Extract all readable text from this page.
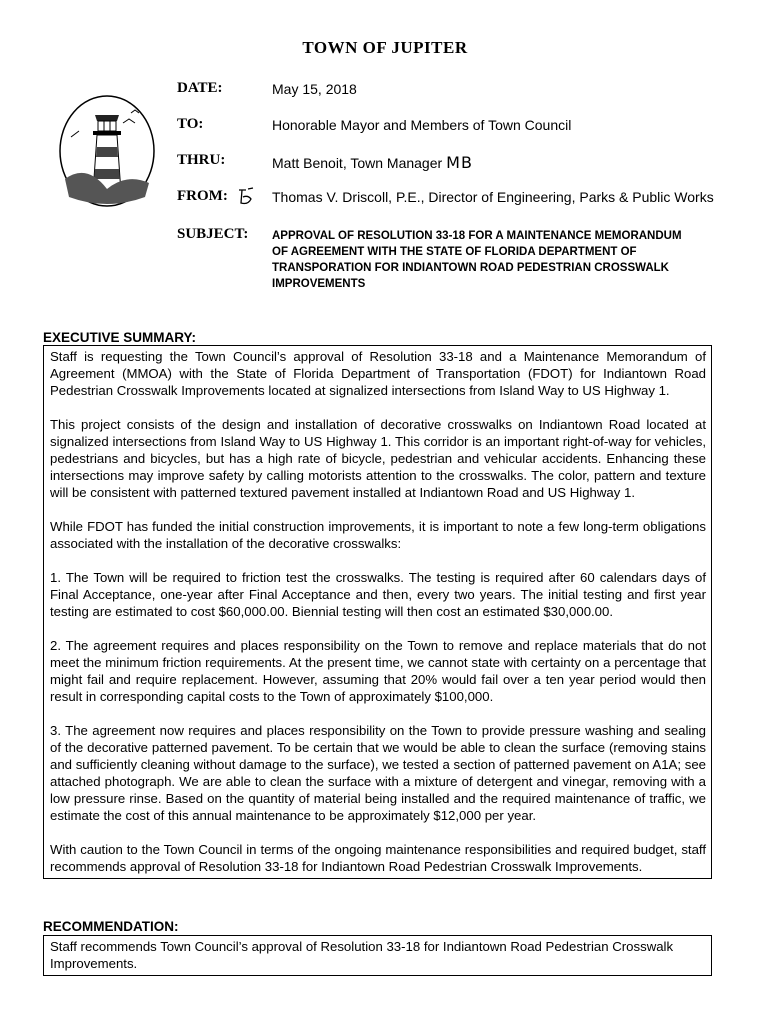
TOWN OF JUPITER
DATE:	May 15, 2018
TO:	Honorable Mayor and Members of Town Council
THRU:	Matt Benoit, Town Manager MB
FROM:	Thomas V. Driscoll, P.E., Director of Engineering, Parks & Public Works
SUBJECT: APPROVAL OF RESOLUTION 33-18 FOR A MAINTENANCE MEMORANDUM OF AGREEMENT WITH THE STATE OF FLORIDA DEPARTMENT OF TRANSPORATION FOR INDIANTOWN ROAD PEDESTRIAN CROSSWALK IMPROVEMENTS
EXECUTIVE SUMMARY:

Staff is requesting the Town Council’s approval of Resolution 33-18 and a Maintenance Memorandum of Agreement (MMOA) with the State of Florida Department of Transportation (FDOT) for Indiantown Road Pedestrian Crosswalk Improvements located at signalized intersections from Island Way to US Highway 1.

This project consists of the design and installation of decorative crosswalks on Indiantown Road located at signalized intersections from Island Way to US Highway 1. This corridor is an important right-of-way for vehicles, pedestrians and bicycles, but has a high rate of bicycle, pedestrian and vehicular accidents. Enhancing these intersections may improve safety by calling motorists attention to the crosswalks. The color, pattern and texture will be consistent with patterned textured pavement installed at Indiantown Road and US Highway 1.

While FDOT has funded the initial construction improvements, it is important to note a few long-term obligations associated with the installation of the decorative crosswalks:

1. The Town will be required to friction test the crosswalks. The testing is required after 60 calendars days of Final Acceptance, one-year after Final Acceptance and then, every two years. The initial testing and first year testing are estimated to cost $60,000.00. Biennial testing will then cost an estimated $30,000.00.

2. The agreement requires and places responsibility on the Town to remove and replace materials that do not meet the minimum friction requirements. At the present time, we cannot state with certainty on a percentage that might fail and require replacement. However, assuming that 20% would fail over a ten year period would then result in corresponding capital costs to the Town of approximately $100,000.

3. The agreement now requires and places responsibility on the Town to provide pressure washing and sealing of the decorative patterned pavement. To be certain that we would be able to clean the surface (removing stains and sufficiently cleaning without damage to the surface), we tested a section of patterned pavement on A1A; see attached photograph. We are able to clean the surface with a mixture of detergent and vinegar, removing with a low pressure rinse. Based on the quantity of material being installed and the required maintenance of traffic, we estimate the cost of this annual maintenance to be approximately $12,000 per year.

With caution to the Town Council in terms of the ongoing maintenance responsibilities and required budget, staff recommends approval of Resolution 33-18 for Indiantown Road Pedestrian Crosswalk Improvements.

RECOMMENDATION:

Staff recommends Town Council’s approval of Resolution 33-18 for Indiantown Road Pedestrian Crosswalk Improvements.
